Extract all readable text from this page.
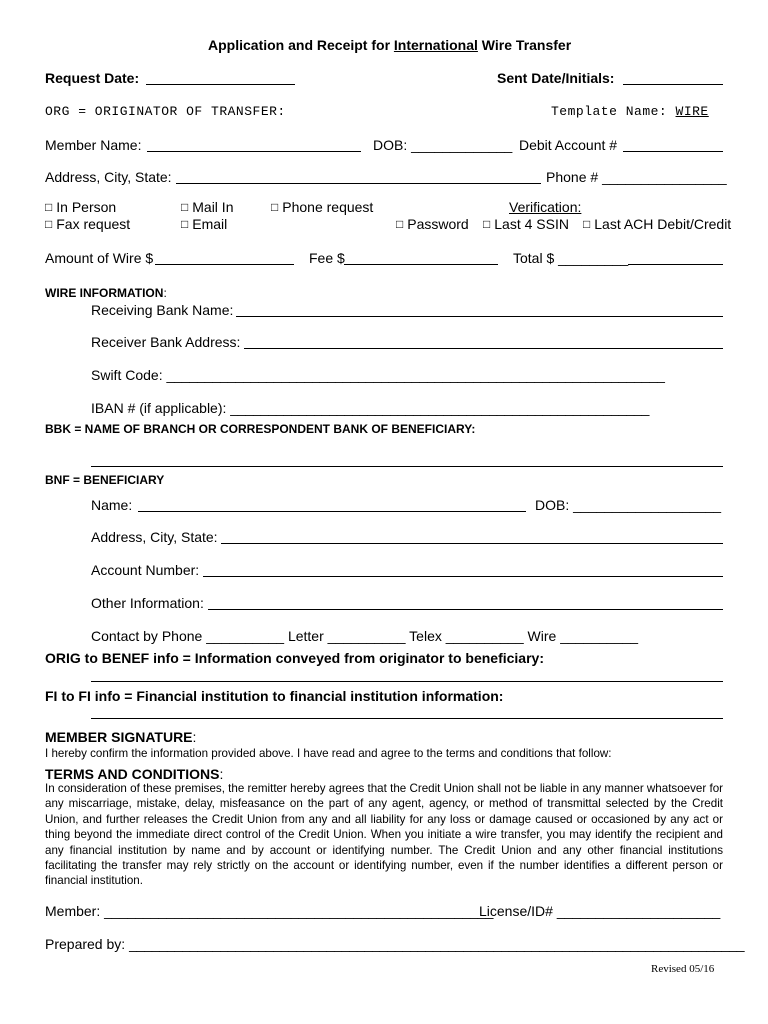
Application and Receipt for International Wire Transfer
Request Date:	Sent Date/Initials:
ORG = ORIGINATOR OF TRANSFER:	Template Name: WIRE
Member Name:	DOB: _____________ Debit Account #
Address, City, State:	Phone # ________________
□ In Person	□ Mail In	□ Phone request	Verification:
□ Fax request	□ Email	□ Password □ Last 4 SSIN □ Last ACH Debit/Credit
Amount of Wire $	Fee $	Total $ _________
WIRE INFORMATION:
Receiving Bank Name:
Receiver Bank Address:
Swift Code: _________________________________________________________________
IBAN # (if applicable): _______________________________________________________
BBK = NAME OF BRANCH OR CORRESPONDENT BANK OF BENEFICIARY:
BNF = BENEFICIARY
Name:	DOB: ___________________
Address, City, State:
Account Number:
Other Information:
Contact by Phone __________ Letter __________ Telex __________ Wire __________
ORIG to BENEF info = Information conveyed from originator to beneficiary:
FI to FI info = Financial institution to financial institution information:
MEMBER SIGNATURE:
I hereby confirm the information provided above. I have read and agree to the terms and conditions that follow:
TERMS AND CONDITIONS:
In consideration of these premises, the remitter hereby agrees that the Credit Union shall not be liable in any manner whatsoever for any miscarriage, mistake, delay, misfeasance on the part of any agent, agency, or method of transmittal selected by the Credit Union, and further releases the Credit Union from any and all liability for any loss or damage caused or occasioned by any act or thing beyond the immediate direct control of the Credit Union. When you initiate a wire transfer, you may identify the recipient and any financial institution by name and by account or identifying number. The Credit Union and any other financial institutions facilitating the transfer may rely strictly on the account or identifying number, even if the number identifies a different person or financial institution.
Member: __________________________________________________
License/ID# _____________________
Prepared by: _________________________________________________________________________________
Revised 05/16
